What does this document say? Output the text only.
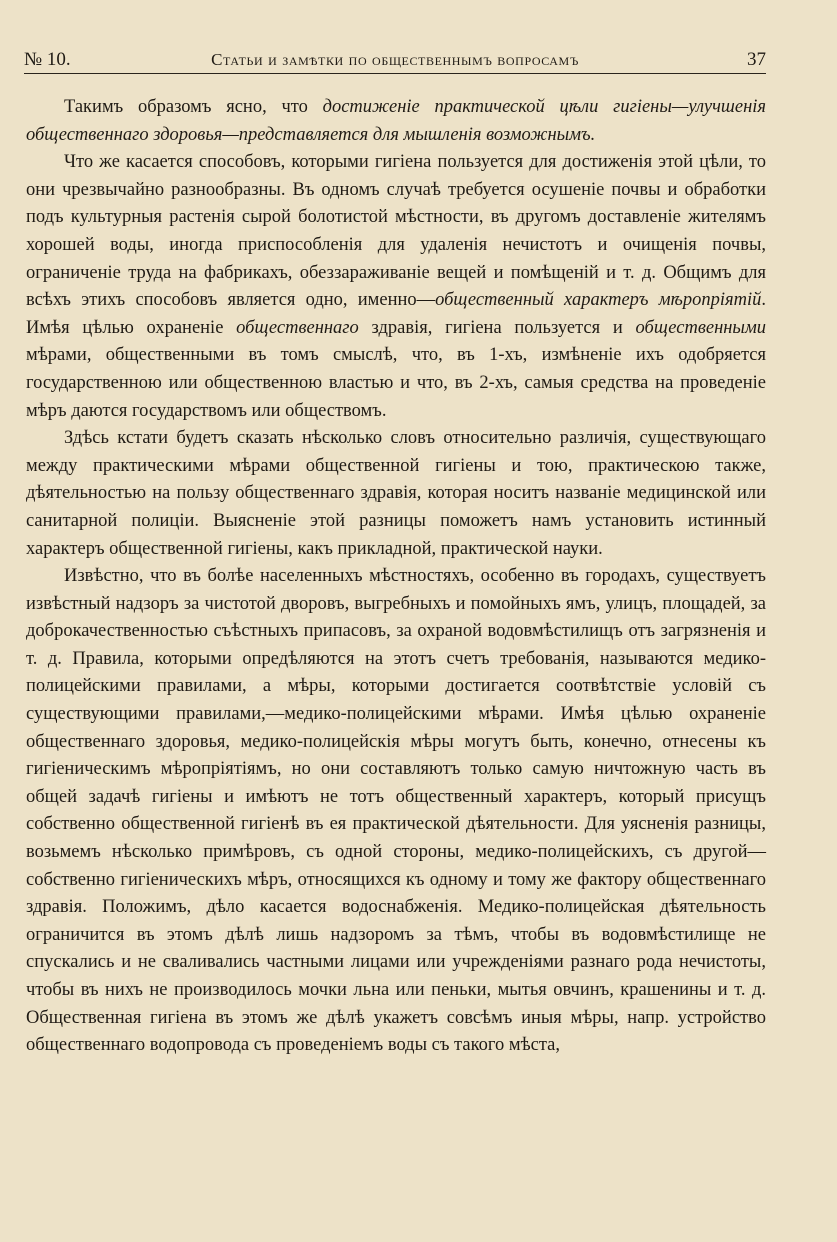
№ 10.	Статьи и замѣтки по общественнымъ вопросамъ	37

Такимъ образомъ ясно, что достиженіе практической цѣли гигіены—улучшенія общественнаго здоровья—представляется для мышленія возможнымъ.

Что же касается способовъ, которыми гигіена пользуется для достиженія этой цѣли, то они чрезвычайно разнообразны. Въ одномъ случаѣ требуется осушеніе почвы и обработки подъ культурныя растенія сырой болотистой мѣстности, въ другомъ доставленіе жителямъ хорошей воды, иногда приспособленія для удаленія нечистотъ и очищенія почвы, ограниченіе труда на фабрикахъ, обеззараживаніе вещей и помѣщеній и т. д. Общимъ для всѣхъ этихъ способовъ является одно, именно—общественный характеръ мѣропріятій. Имѣя цѣлью охраненіе общественнаго здравія, гигіена пользуется и общественными мѣрами, общественными въ томъ смыслѣ, что, въ 1-хъ, измѣненіе ихъ одобряется государственною или общественною властью и что, въ 2-хъ, самыя средства на проведеніе мѣръ даются государствомъ или обществомъ.

Здѣсь кстати будетъ сказать нѣсколько словъ относительно различія, существующаго между практическими мѣрами общественной гигіены и тою, практическою также, дѣятельностью на пользу общественнаго здравія, которая носитъ названіе медицинской или санитарной полиціи. Выясненіе этой разницы поможетъ намъ установить истинный характеръ общественной гигіены, какъ прикладной, практической науки.

Извѣстно, что въ болѣе населенныхъ мѣстностяхъ, особенно въ городахъ, существуетъ извѣстный надзоръ за чистотой дворовъ, выгребныхъ и помойныхъ ямъ, улицъ, площадей, за доброкачественностью съѣстныхъ припасовъ, за охраной водовмѣстилищъ отъ загрязненія и т. д. Правила, которыми опредѣляются на этотъ счетъ требованія, называются медико-полицейскими правилами, а мѣры, которыми достигается соотвѣтствіе условій съ существующими правилами,—медико-полицейскими мѣрами. Имѣя цѣлью охраненіе общественнаго здоровья, медико-полицейскія мѣры могутъ быть, конечно, отнесены къ гигіеническимъ мѣропріятіямъ, но они составляютъ только самую ничтожную часть въ общей задачѣ гигіены и имѣютъ не тотъ общественный характеръ, который присущъ собственно общественной гигіенѣ въ ея практической дѣятельности. Для уясненія разницы, возьмемъ нѣсколько примѣровъ, съ одной стороны, медико-полицейскихъ, съ другой—собственно гигіеническихъ мѣръ, относящихся къ одному и тому же фактору общественнаго здравія. Положимъ, дѣло касается водоснабженія. Медико-полицейская дѣятельность ограничится въ этомъ дѣлѣ лишь надзоромъ за тѣмъ, чтобы въ водовмѣстилище не спускались и не сваливались частными лицами или учрежденіями разнаго рода нечистоты, чтобы въ нихъ не производилось мочки льна или пеньки, мытья овчинъ, крашенины и т. д. Общественная гигіена въ этомъ же дѣлѣ укажетъ совсѣмъ иныя мѣры, напр. устройство общественнаго водопровода съ проведеніемъ воды съ такого мѣста,
